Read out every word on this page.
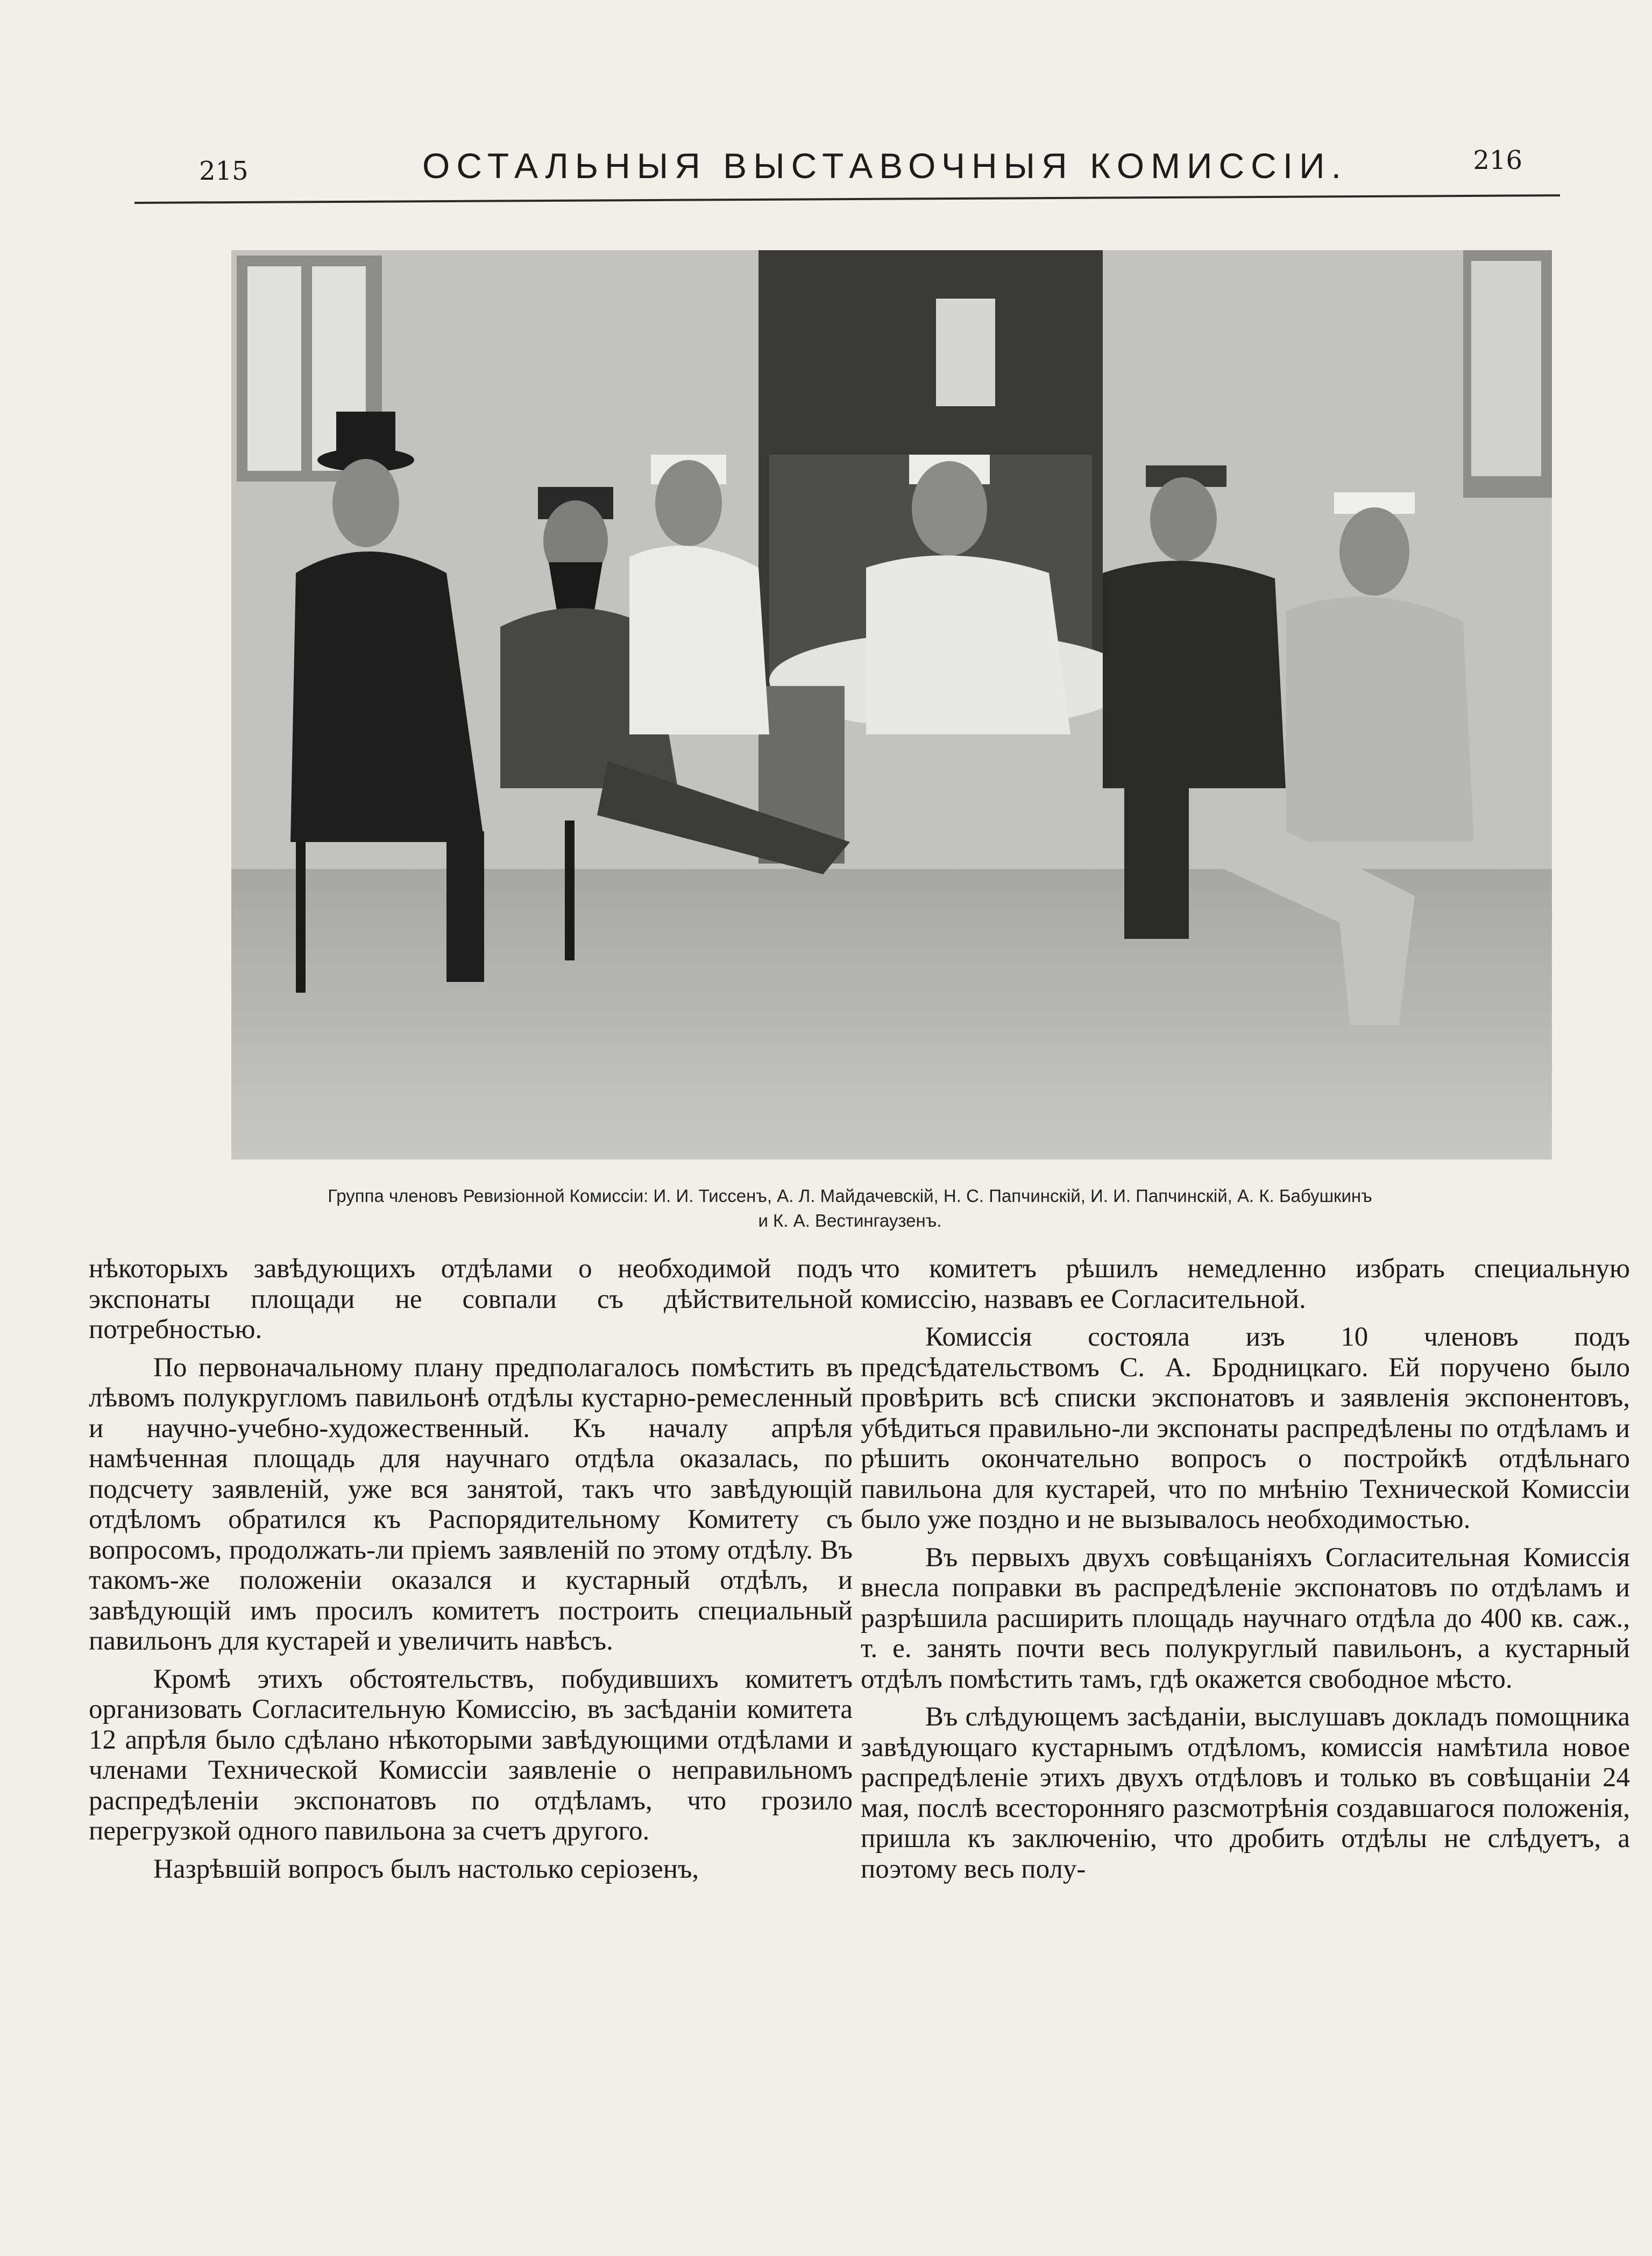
215	ОСТАЛЬНЫЯ ВЫСТАВОЧНЫЯ КОМИССIИ.	216
Группа членовъ Ревизiонной Комиссiи: И. И. Тиссенъ, А. Л. Майдачевскiй, Н. С. Папчинскiй, И. И. Папчинскiй, А. К. Бабушкинъ
и К. А. Вестингаузенъ.

нѣкоторыхъ завѣдующихъ отдѣлами о необходимой подъ экспонаты площади не совпали съ дѣйствительной потребностью.

По первоначальному плану предполагалось помѣстить въ лѣвомъ полукругломъ павильонѣ отдѣлы кустарно-ремесленный и научно-учебно-художественный. Къ началу апрѣля намѣченная площадь для научнаго отдѣла оказалась, по подсчету заявленiй, уже вся занятой, такъ что завѣдующiй отдѣломъ обратился къ Распорядительному Комитету съ вопросомъ, продолжать-ли прiемъ заявленiй по этому отдѣлу. Въ такомъ-же положенiи оказался и кустарный отдѣлъ, и завѣдующiй имъ просилъ комитетъ построить специальный павильонъ для кустарей и увеличить навѣсъ.

Кромѣ этихъ обстоятельствъ, побудившихъ комитетъ организовать Согласительную Комиссiю, въ засѣданiи комитета 12 апрѣля было сдѣлано нѣкоторыми завѣдующими отдѣлами и членами Технической Комиссiи заявленiе о неправильномъ распредѣленiи экспонатовъ по отдѣламъ, что грозило перегрузкой одного павильона за счетъ другого.

Назрѣвшiй вопросъ былъ настолько серiозенъ,

что комитетъ рѣшилъ немедленно избрать специальную комиссiю, назвавъ ее Согласительной.

Комиссiя состояла изъ 10 членовъ подъ предсѣдательствомъ С. А. Бродницкаго. Ей поручено было провѣрить всѣ списки экспонатовъ и заявленiя экспонентовъ, убѣдиться правильно-ли экспонаты распредѣлены по отдѣламъ и рѣшить окончательно вопросъ о постройкѣ отдѣльнаго павильона для кустарей, что по мнѣнiю Технической Комиссiи было уже поздно и не вызывалось необходимостью.

Въ первыхъ двухъ совѣщанiяхъ Согласительная Комиссiя внесла поправки въ распредѣленiе экспонатовъ по отдѣламъ и разрѣшила расширить площадь научнаго отдѣла до 400 кв. саж., т. е. занять почти весь полукруглый павильонъ, а кустарный отдѣлъ помѣстить тамъ, гдѣ окажется свободное мѣсто.

Въ слѣдующемъ засѣданiи, выслушавъ докладъ помощника завѣдующаго кустарнымъ отдѣломъ, комиссiя намѣтила новое распредѣленiе этихъ двухъ отдѣловъ и только въ совѣщанiи 24 мая, послѣ всесторонняго разсмотрѣнiя создавшагося положенiя, пришла къ заключенiю, что дробить отдѣлы не слѣдуетъ, а поэтому весь полу-
